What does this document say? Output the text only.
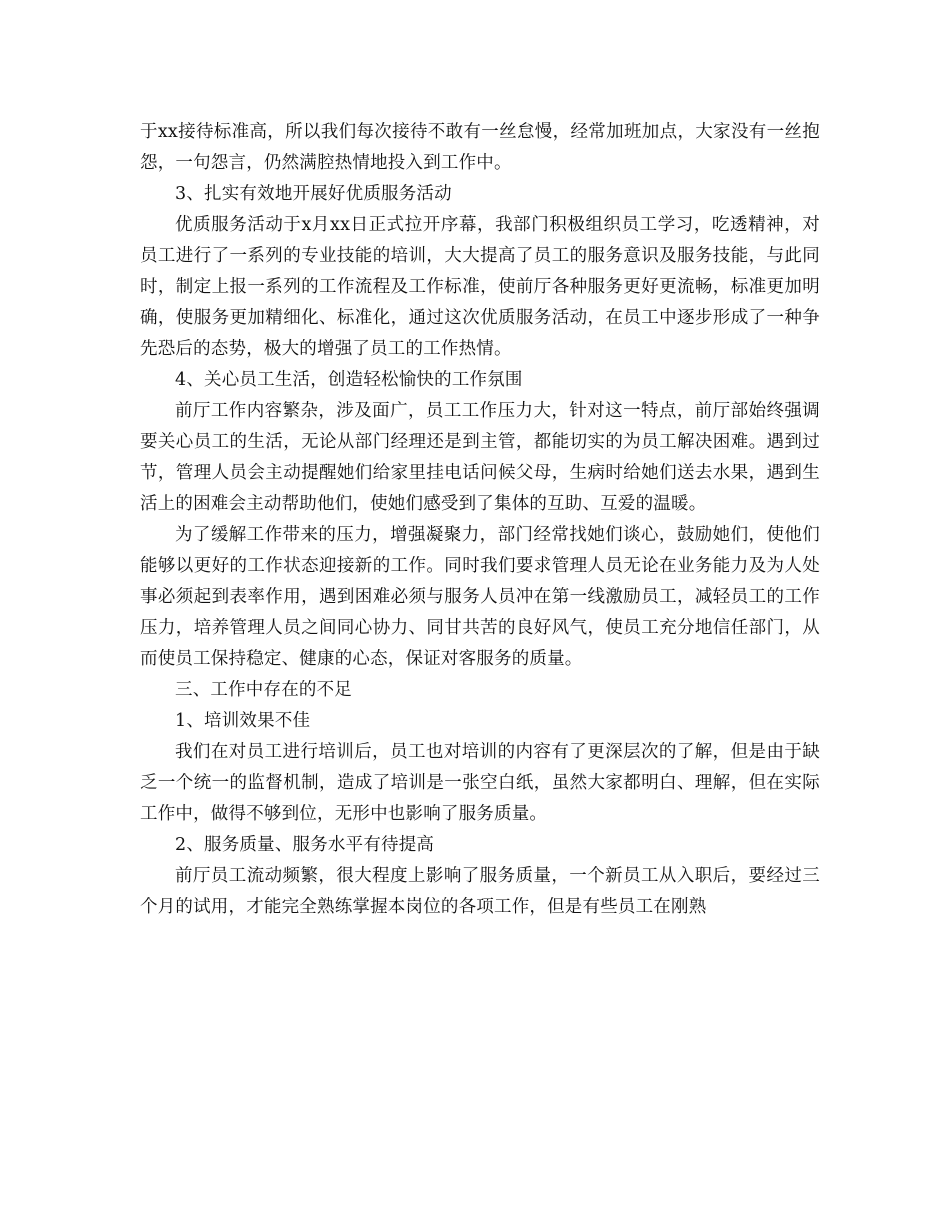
于xx接待标准高，所以我们每次接待不敢有一丝怠慢，经常加班加点，大家没有一丝抱怨，一句怨言，仍然满腔热情地投入到工作中。

3、扎实有效地开展好优质服务活动

优质服务活动于x月xx日正式拉开序幕，我部门积极组织员工学习，吃透精神，对员工进行了一系列的专业技能的培训，大大提高了员工的服务意识及服务技能，与此同时，制定上报一系列的工作流程及工作标准，使前厅各种服务更好更流畅，标准更加明确，使服务更加精细化、标准化，通过这次优质服务活动，在员工中逐步形成了一种争先恐后的态势，极大的增强了员工的工作热情。

4、关心员工生活，创造轻松愉快的工作氛围

前厅工作内容繁杂，涉及面广，员工工作压力大，针对这一特点，前厅部始终强调要关心员工的生活，无论从部门经理还是到主管，都能切实的为员工解决困难。遇到过节，管理人员会主动提醒她们给家里挂电话问候父母，生病时给她们送去水果，遇到生活上的困难会主动帮助他们，使她们感受到了集体的互助、互爱的温暖。

为了缓解工作带来的压力，增强凝聚力，部门经常找她们谈心，鼓励她们，使他们能够以更好的工作状态迎接新的工作。同时我们要求管理人员无论在业务能力及为人处事必须起到表率作用，遇到困难必须与服务人员冲在第一线激励员工，减轻员工的工作压力，培养管理人员之间同心协力、同甘共苦的良好风气，使员工充分地信任部门，从而使员工保持稳定、健康的心态，保证对客服务的质量。

三、工作中存在的不足

1、培训效果不佳

我们在对员工进行培训后，员工也对培训的内容有了更深层次的了解，但是由于缺乏一个统一的监督机制，造成了培训是一张空白纸，虽然大家都明白、理解，但在实际工作中，做得不够到位，无形中也影响了服务质量。

2、服务质量、服务水平有待提高

前厅员工流动频繁，很大程度上影响了服务质量，一个新员工从入职后，要经过三个月的试用，才能完全熟练掌握本岗位的各项工作，但是有些员工在刚熟
